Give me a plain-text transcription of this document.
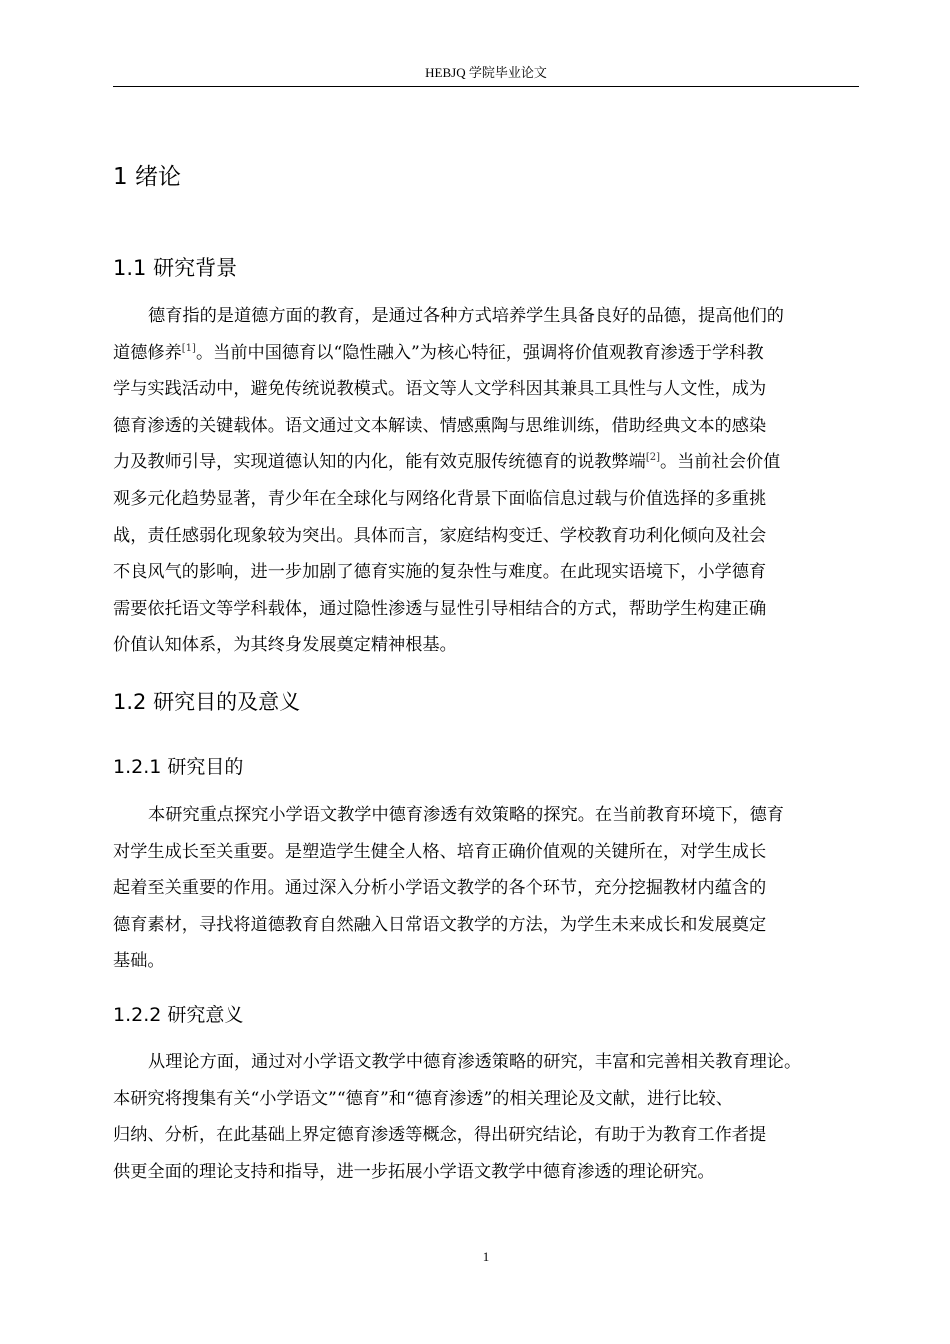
HEBJQ 学院毕业论文
1 绪论
1.1 研究背景
德育指的是道德方面的教育，是通过各种方式培养学生具备良好的品德，提高他们的
道德修养[1]。当前中国德育以“隐性融入”为核心特征，强调将价值观教育渗透于学科教
学与实践活动中，避免传统说教模式。语文等人文学科因其兼具工具性与人文性，成为
德育渗透的关键载体。语文通过文本解读、情感熏陶与思维训练，借助经典文本的感染
力及教师引导，实现道德认知的内化，能有效克服传统德育的说教弊端[2]。当前社会价值
观多元化趋势显著，青少年在全球化与网络化背景下面临信息过载与价值选择的多重挑
战，责任感弱化现象较为突出。具体而言，家庭结构变迁、学校教育功利化倾向及社会
不良风气的影响，进一步加剧了德育实施的复杂性与难度。在此现实语境下，小学德育
需要依托语文等学科载体，通过隐性渗透与显性引导相结合的方式，帮助学生构建正确
价值认知体系，为其终身发展奠定精神根基。
1.2 研究目的及意义
1.2.1 研究目的
本研究重点探究小学语文教学中德育渗透有效策略的探究。在当前教育环境下，德育
对学生成长至关重要。是塑造学生健全人格、培育正确价值观的关键所在，对学生成长
起着至关重要的作用。通过深入分析小学语文教学的各个环节，充分挖掘教材内蕴含的
德育素材，寻找将道德教育自然融入日常语文教学的方法，为学生未来成长和发展奠定
基础。
1.2.2 研究意义
从理论方面，通过对小学语文教学中德育渗透策略的研究，丰富和完善相关教育理论。
本研究将搜集有关“小学语文”“德育”和“德育渗透”的相关理论及文献，进行比较、
归纳、分析，在此基础上界定德育渗透等概念，得出研究结论，有助于为教育工作者提
供更全面的理论支持和指导，进一步拓展小学语文教学中德育渗透的理论研究。
1
